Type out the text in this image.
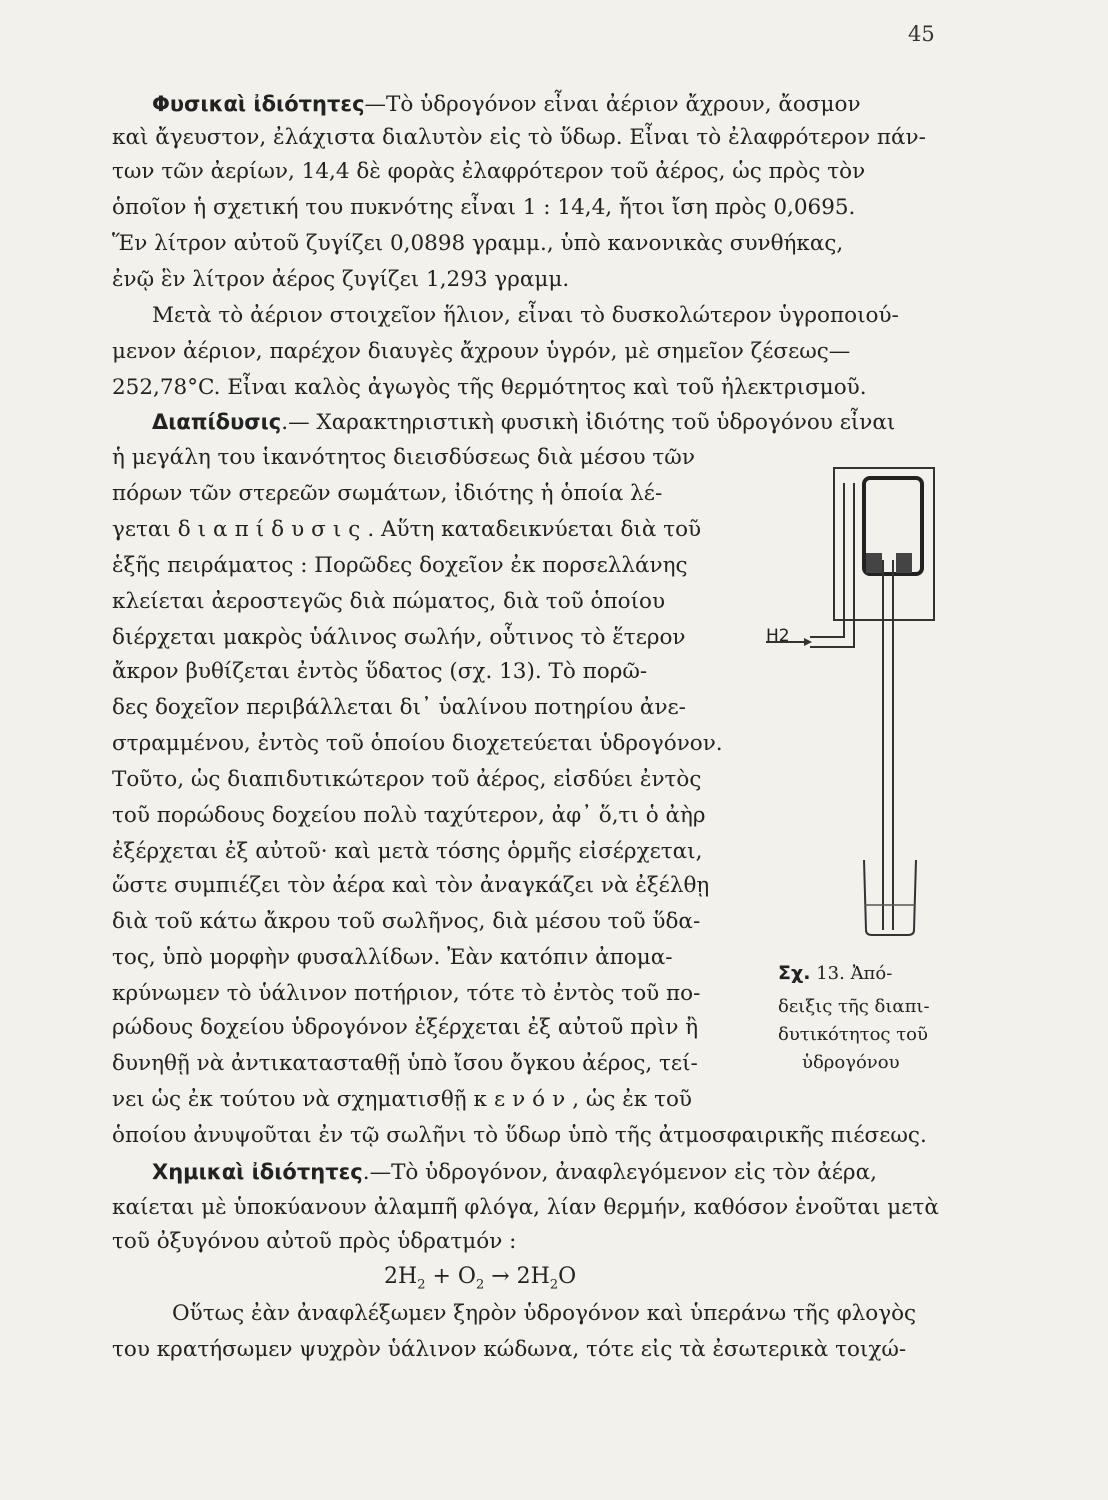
45
Φυσικαὶ ἰδιότητες—Τὸ ὑδρογόνον εἶναι ἀέριον ἄχρουν, ἄοσμον
καὶ ἄγευστον, ἐλάχιστα διαλυτὸν εἰς τὸ ὕδωρ. Εἶναι τὸ ἐλαφρότερον πάν-
των τῶν ἀερίων, 14,4 δὲ φορὰς ἐλαφρότερον τοῦ ἀέρος, ὡς πρὸς τὸν
ὁποῖον ἡ σχετική του πυκνότης εἶναι 1 : 14,4, ἤτοι ἴση πρὸς 0,0695.
Ἕν λίτρον αὐτοῦ ζυγίζει 0,0898 γραμμ., ὑπὸ κανονικὰς συνθήκας,
ἐνῷ ἓν λίτρον ἀέρος ζυγίζει 1,293 γραμμ.
Μετὰ τὸ ἀέριον στοιχεῖον ἥλιον, εἶναι τὸ δυσκολώτερον ὑγροποιού-
μενον ἀέριον, παρέχον διαυγὲς ἄχρουν ὑγρόν, μὲ σημεῖον ζέσεως—
252,78°C. Εἶναι καλὸς ἀγωγὸς τῆς θερμότητος καὶ τοῦ ἠλεκτρισμοῦ.
Διαπίδυσις.— Χαρακτηριστικὴ φυσικὴ ἰδιότης τοῦ ὑδρογόνου εἶναι
ἡ μεγάλη του ἱκανότητος διεισδύσεως διὰ μέσου τῶν
πόρων τῶν στερεῶν σωμάτων, ἰδιότης ἡ ὁποία λέ-
γεται διαπίδυσις. Αὕτη καταδεικνύεται διὰ τοῦ
ἑξῆς πειράματος : Πορῶδες δοχεῖον ἐκ πορσελλάνης
κλείεται ἀεροστεγῶς διὰ πώματος, διὰ τοῦ ὁποίου
διέρχεται μακρὸς ὑάλινος σωλήν, οὗτινος τὸ ἕτερον
ἄκρον βυθίζεται ἐντὸς ὕδατος (σχ. 13). Τὸ πορῶ-
δες δοχεῖον περιβάλλεται δι᾽ ὑαλίνου ποτηρίου ἀνε-
στραμμένου, ἐντὸς τοῦ ὁποίου διοχετεύεται ὑδρογόνον.
Τοῦτο, ὡς διαπιδυτικώτερον τοῦ ἀέρος, εἰσδύει ἐντὸς
τοῦ πορώδους δοχείου πολὺ ταχύτερον, ἀφ᾽ ὅ,τι ὁ ἀὴρ
ἐξέρχεται ἐξ αὐτοῦ· καὶ μετὰ τόσης ὁρμῆς εἰσέρχεται,
ὥστε συμπιέζει τὸν ἀέρα καὶ τὸν ἀναγκάζει νὰ ἐξέλθῃ
διὰ τοῦ κάτω ἄκρου τοῦ σωλῆνος, διὰ μέσου τοῦ ὕδα-
τος, ὑπὸ μορφὴν φυσαλλίδων. Ἐὰν κατόπιν ἀπομα-
κρύνωμεν τὸ ὑάλινον ποτήριον, τότε τὸ ἐντὸς τοῦ πο-
ρώδους δοχείου ὑδρογόνον ἐξέρχεται ἐξ αὐτοῦ πρὶν ἢ
δυνηθῇ νὰ ἀντικατασταθῇ ὑπὸ ἴσου ὄγκου ἀέρος, τεί-
νει ὡς ἐκ τούτου νὰ σχηματισθῇ κενόν, ὡς ἐκ τοῦ
ὁποίου ἀνυψοῦται ἐν τῷ σωλῆνι τὸ ὕδωρ ὑπὸ τῆς ἀτμοσφαιρικῆς πιέσεως.
Χημικαὶ ἰδιότητες.—Τὸ ὑδρογόνον, ἀναφλεγόμενον εἰς τὸν ἀέρα,
καίεται μὲ ὑποκύανουν ἀλαμπῆ φλόγα, λίαν θερμήν, καθόσον ἑνοῦται μετὰ
τοῦ ὀξυγόνου αὐτοῦ πρὸς ὑδρατμόν :
$2H_2 + O_2 \to 2H_2O$
Οὕτως ἐὰν ἀναφλέξωμεν ξηρὸν ὑδρογόνον καὶ ὑπεράνω τῆς φλογὸς
του κρατήσωμεν ψυχρὸν ὑάλινον κώδωνα, τότε εἰς τὰ ἐσωτερικὰ τοιχώ-
H2
Σχ. 13. Ἀπό-
δειξις τῆς διαπι-
δυτικότητος τοῦ
ὑδρογόνου
